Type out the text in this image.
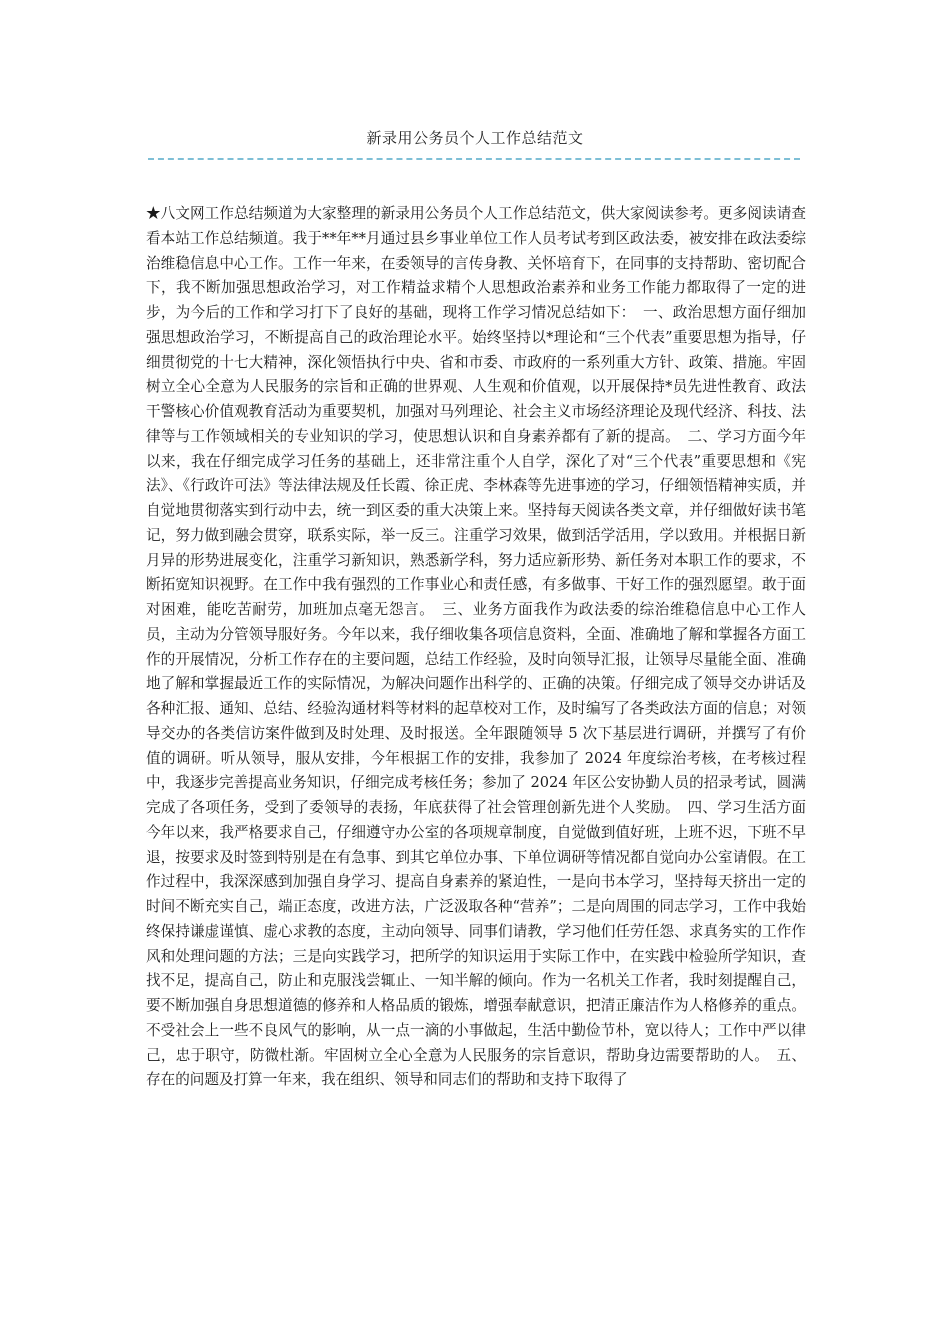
新录用公务员个人工作总结范文

★八文网工作总结频道为大家整理的新录用公务员个人工作总结范文，供大家阅读参考。更多阅读请查看本站工作总结频道。我于**年**月通过县乡事业单位工作人员考试考到区政法委，被安排在政法委综治维稳信息中心工作。工作一年来，在委领导的言传身教、关怀培育下，在同事的支持帮助、密切配合下，我不断加强思想政治学习，对工作精益求精个人思想政治素养和业务工作能力都取得了一定的进步，为今后的工作和学习打下了良好的基础，现将工作学习情况总结如下：　一、政治思想方面仔细加强思想政治学习，不断提高自己的政治理论水平。始终坚持以*理论和“三个代表”重要思想为指导，仔细贯彻党的十七大精神，深化领悟执行中央、省和市委、市政府的一系列重大方针、政策、措施。牢固树立全心全意为人民服务的宗旨和正确的世界观、人生观和价值观，以开展保持*员先进性教育、政法干警核心价值观教育活动为重要契机，加强对马列理论、社会主义市场经济理论及现代经济、科技、法律等与工作领域相关的专业知识的学习，使思想认识和自身素养都有了新的提高。　二、学习方面今年以来，我在仔细完成学习任务的基础上，还非常注重个人自学，深化了对“三个代表”重要思想和《宪法》、《行政许可法》等法律法规及任长霞、徐正虎、李林森等先进事迹的学习，仔细领悟精神实质，并自觉地贯彻落实到行动中去，统一到区委的重大决策上来。坚持每天阅读各类文章，并仔细做好读书笔记，努力做到融会贯穿，联系实际，举一反三。注重学习效果，做到活学活用，学以致用。并根据日新月异的形势进展变化，注重学习新知识，熟悉新学科，努力适应新形势、新任务对本职工作的要求，不断拓宽知识视野。在工作中我有强烈的工作事业心和责任感，有多做事、干好工作的强烈愿望。敢于面对困难，能吃苦耐劳，加班加点毫无怨言。　三、业务方面我作为政法委的综治维稳信息中心工作人员，主动为分管领导服好务。今年以来，我仔细收集各项信息资料，全面、准确地了解和掌握各方面工作的开展情况，分析工作存在的主要问题，总结工作经验，及时向领导汇报，让领导尽量能全面、准确地了解和掌握最近工作的实际情况，为解决问题作出科学的、正确的决策。仔细完成了领导交办讲话及各种汇报、通知、总结、经验沟通材料等材料的起草校对工作，及时编写了各类政法方面的信息；对领导交办的各类信访案件做到及时处理、及时报送。全年跟随领导 5 次下基层进行调研，并撰写了有价值的调研。听从领导，服从安排，今年根据工作的安排，我参加了 2024 年度综治考核，在考核过程中，我逐步完善提高业务知识，仔细完成考核任务；参加了 2024 年区公安协勤人员的招录考试，圆满完成了各项任务，受到了委领导的表扬，年底获得了社会管理创新先进个人奖励。　四、学习生活方面今年以来，我严格要求自己，仔细遵守办公室的各项规章制度，自觉做到值好班，上班不迟，下班不早退，按要求及时签到特别是在有急事、到其它单位办事、下单位调研等情况都自觉向办公室请假。在工作过程中，我深深感到加强自身学习、提高自身素养的紧迫性，一是向书本学习，坚持每天挤出一定的时间不断充实自己，端正态度，改进方法，广泛汲取各种“营养”；二是向周围的同志学习，工作中我始终保持谦虚谨慎、虚心求教的态度，主动向领导、同事们请教，学习他们任劳任怨、求真务实的工作作风和处理问题的方法；三是向实践学习，把所学的知识运用于实际工作中，在实践中检验所学知识，查找不足，提高自己，防止和克服浅尝辄止、一知半解的倾向。作为一名机关工作者，我时刻提醒自己，要不断加强自身思想道德的修养和人格品质的锻炼，增强奉献意识，把清正廉洁作为人格修养的重点。不受社会上一些不良风气的影响，从一点一滴的小事做起，生活中勤俭节朴，宽以待人；工作中严以律己，忠于职守，防微杜渐。牢固树立全心全意为人民服务的宗旨意识，帮助身边需要帮助的人。　五、存在的问题及打算一年来，我在组织、领导和同志们的帮助和支持下取得了
